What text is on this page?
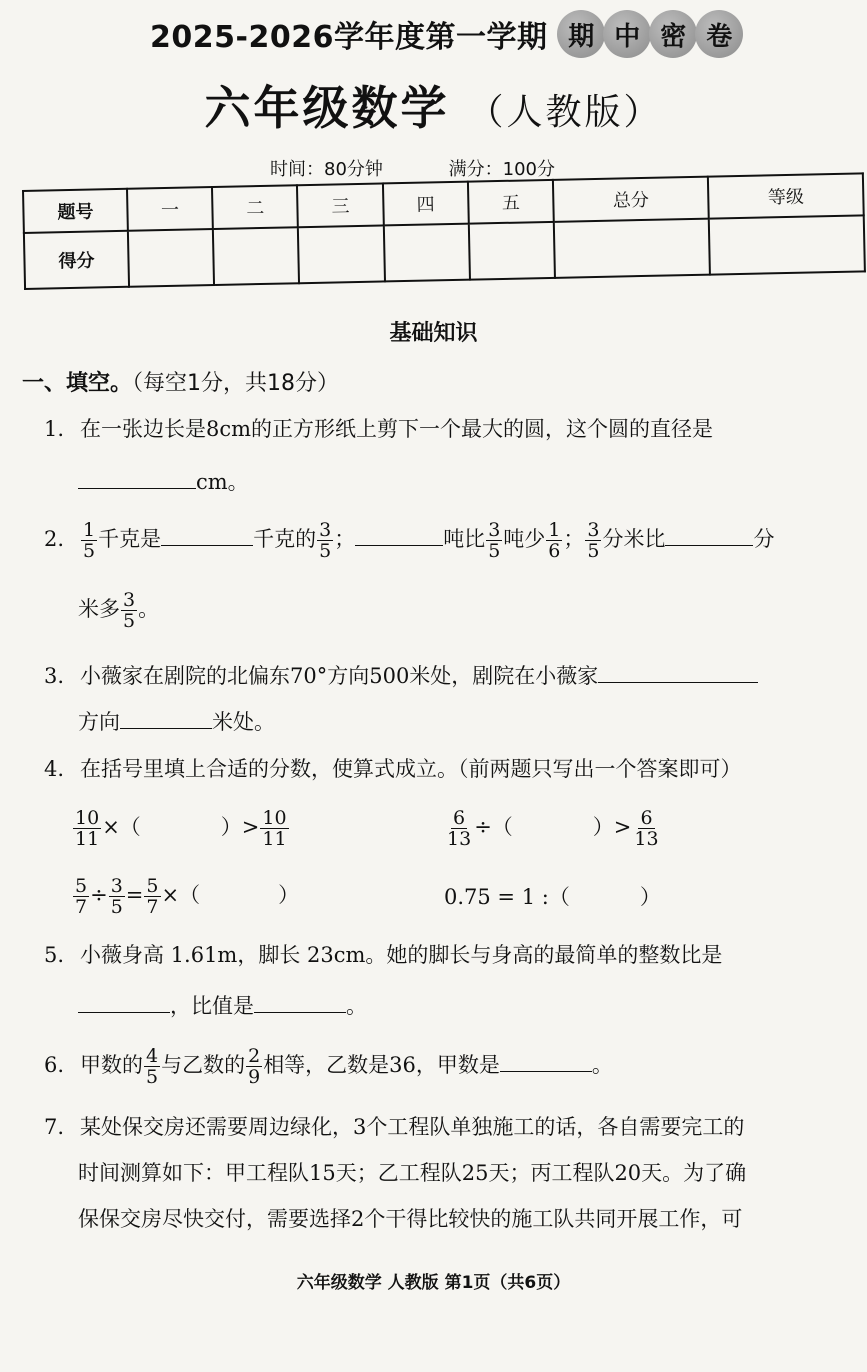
2025-2026学年度第一学期 期 中 密 卷
六年级数学 （人教版）
时间：80分钟	满分：100分
题号	一	二	三	四	五	总分	等级
得分							
基础知识
一、填空。（每空1分，共18分）
1. 在一张边长是8cm的正方形纸上剪下一个最大的圆，这个圆的直径是
cm。
2. $\frac{1}{5}$ 千克是	千克的 $\frac{3}{5}$ ；	吨比 $\frac{3}{5}$ 吨少 $\frac{1}{6}$ ； $\frac{3}{5}$ 分米比	分
米多 $\frac{3}{5}$ 。
3. 小薇家在剧院的北偏东70°方向500米处，剧院在小薇家
方向	米处。
4. 在括号里填上合适的分数，使算式成立。（前两题只写出一个答案即可）
$\frac{10}{11}$ ×（	）> $\frac{10}{11}$	$\frac{6}{13}$ ÷（	）> $\frac{6}{13}$
$\frac{5}{7} \div \frac{3}{5} = \frac{5}{7}$ ×（	）	0.75 = 1 :（	）
5. 小薇身高 1.61m，脚长 23cm。她的脚长与身高的最简单的整数比是
，比值是	。
6. 甲数的 $\frac{4}{5}$ 与乙数的 $\frac{2}{9}$ 相等，乙数是36，甲数是	。
7. 某处保交房还需要周边绿化，3个工程队单独施工的话，各自需要完工的
时间测算如下：甲工程队15天；乙工程队25天；丙工程队20天。为了确
保保交房尽快交付，需要选择2个干得比较快的施工队共同开展工作，可
六年级数学 人教版 第1页（共6页）
